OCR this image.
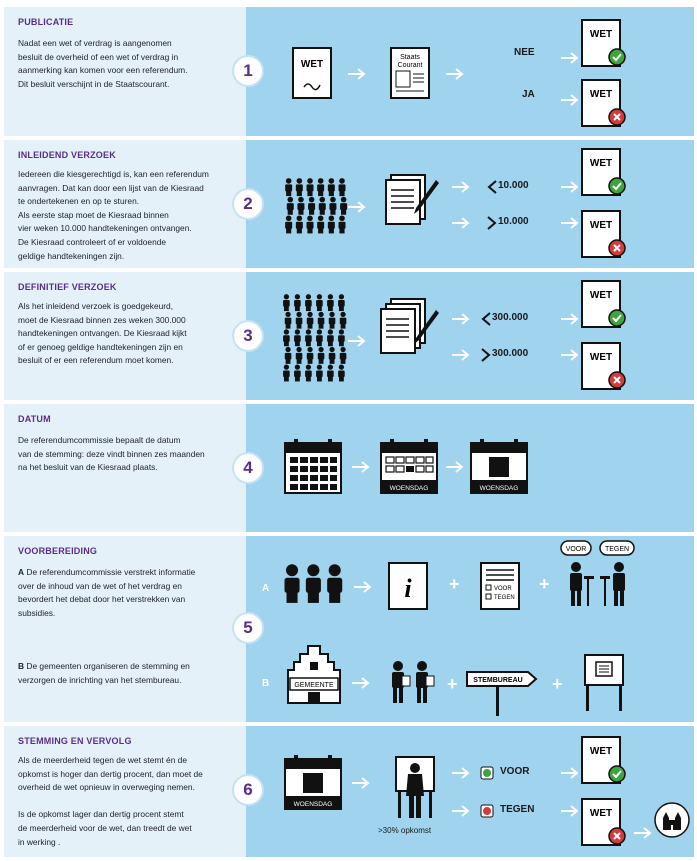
PUBLICATIE
Nadat een wet of verdrag is aangenomen
besluit de overheid of een wet of verdrag in
aanmerking kan komen voor een referendum.
Dit besluit verschijnt in de Staatscourant.
1	WET
Staats
Courant
NEE
JA
WET
WET
INLEIDEND VERZOEK
Iedereen die kiesgerechtigd is, kan een referendum
aanvragen. Dat kan door een lijst van de Kiesraad
te ondertekenen en op te sturen.
Als eerste stap moet de Kiesraad binnen
vier weken 10.000 handtekeningen ontvangen.
De Kiesraad controleert of er voldoende
geldige handtekeningen zijn.
2
10.000
10.000
WET
WET
DEFINITIEF VERZOEK
Als het inleidend verzoek is goedgekeurd,
moet de Kiesraad binnen zes weken 300.000
handtekeningen ontvangen. De Kiesraad kijkt
of er genoeg geldige handtekeningen zijn en
besluit of er een referendum moet komen.
3
300.000
300.000
WET
WET
DATUM
De referendumcommissie bepaalt de datum
van de stemming: deze vindt binnen zes maanden
na het besluit van de Kiesraad plaats.	4
WOENSDAG	WOENSDAG
VOORBEREIDING
A De referendumcommissie verstrekt informatie
over de inhoud van de wet of het verdrag en
bevordert het debat door het verstrekken van
subsidies.
B De gemeenten organiseren de stemming en
verzorgen de inrichting van het stembureau.
5
A
B
i +	VOOR
TEGEN
+
VOOR	TEGEN
GEMEENTE	+ STEMBUREAU +
STEMMING EN VERVOLG
Als de meerderheid tegen de wet stemt én de
opkomst is hoger dan dertig procent, dan moet de
overheid de wet opnieuw in overweging nemen.
Is de opkomst lager dan dertig procent stemt
de meerderheid voor de wet, dan treedt de wet
in werking .
6
WOENSDAG
>30% opkomst
VOOR
TEGEN
WET
WET
